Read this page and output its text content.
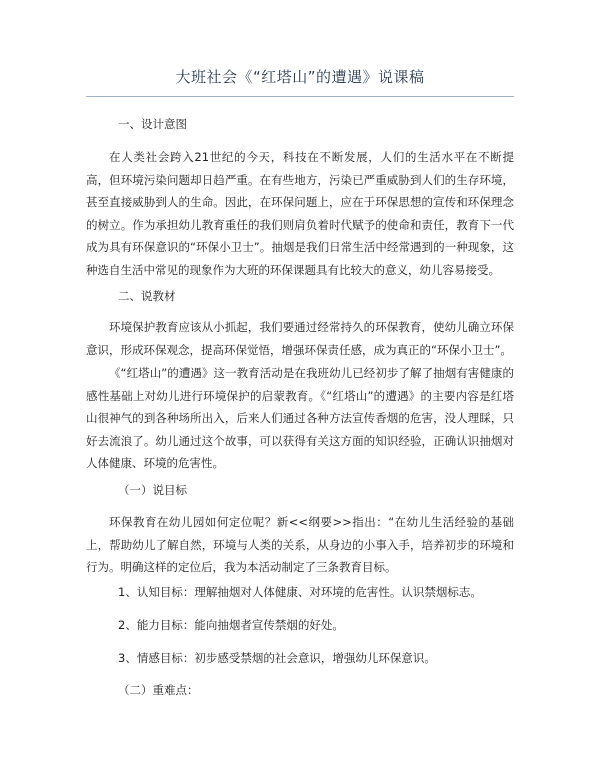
大班社会《“红塔山”的遭遇》说课稿
一、设计意图
在人类社会跨入21世纪的今天，科技在不断发展，人们的生活水平在不断提高，但环境污染问题却日趋严重。在有些地方，污染已严重威胁到人们的生存环境，甚至直接威胁到人的生命。因此，在环保问题上，应在于环保思想的宣传和环保理念的树立。作为承担幼儿教育重任的我们则肩负着时代赋予的使命和责任，教育下一代成为具有环保意识的“环保小卫士”。抽烟是我们日常生活中经常遇到的一种现象，这种选自生活中常见的现象作为大班的环保课题具有比较大的意义，幼儿容易接受。
二、说教材
环境保护教育应该从小抓起，我们要通过经常持久的环保教育，使幼儿确立环保意识，形成环保观念，提高环保觉悟，增强环保责任感，成为真正的“环保小卫士”。
《“红塔山”的遭遇》这一教育活动是在我班幼儿已经初步了解了抽烟有害健康的感性基础上对幼儿进行环境保护的启蒙教育。《“红塔山”的遭遇》的主要内容是红塔山很神气的到各种场所出入，后来人们通过各种方法宣传香烟的危害，没人理睬，只好去流浪了。幼儿通过这个故事，可以获得有关这方面的知识经验，正确认识抽烟对人体健康、环境的危害性。
（一）说目标
环保教育在幼儿园如何定位呢？新<<纲要>>指出：“在幼儿生活经验的基础上，帮助幼儿了解自然，环境与人类的关系，从身边的小事入手，培养初步的环境和行为。明确这样的定位后，我为本活动制定了三条教育目标。
1、认知目标：理解抽烟对人体健康、对环境的危害性。认识禁烟标志。
2、能力目标：能向抽烟者宣传禁烟的好处。
3、情感目标：初步感受禁烟的社会意识，增强幼儿环保意识。
（二）重难点：
